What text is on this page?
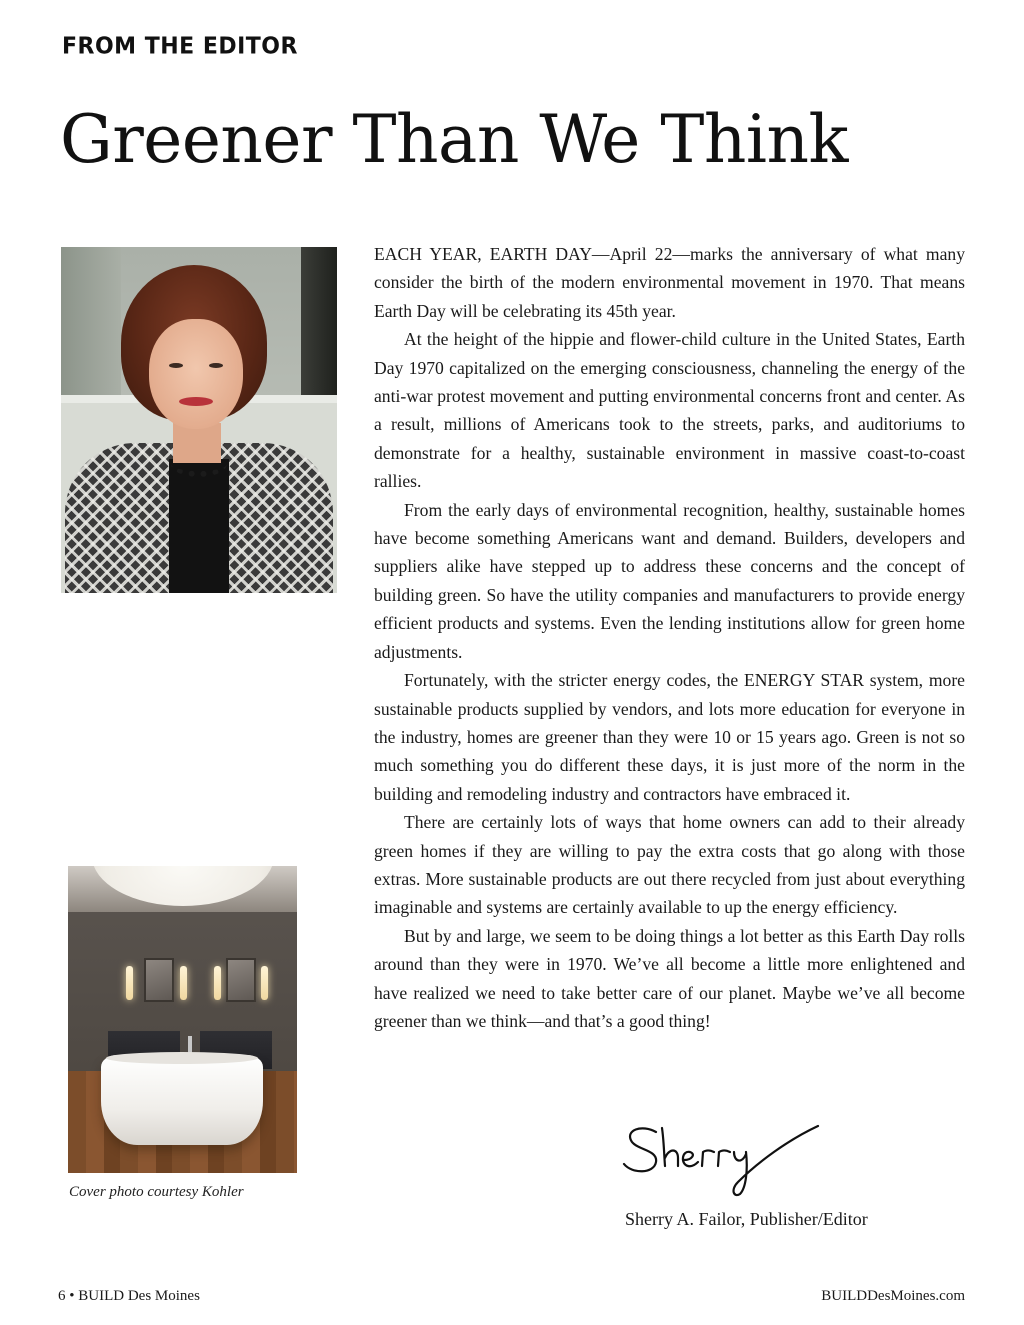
FROM THE EDITOR
Greener Than We Think

EACH YEAR, EARTH DAY—April 22—marks the anniversary of what many consider the birth of the modern environmental movement in 1970. That means Earth Day will be celebrating its 45th year.

At the height of the hippie and flower-child culture in the United States, Earth Day 1970 capitalized on the emerging consciousness, channeling the energy of the anti-war protest movement and putting environmental concerns front and center. As a result, millions of Americans took to the streets, parks, and auditoriums to demonstrate for a healthy, sustainable environment in massive coast-to-coast rallies.

From the early days of environmental recognition, healthy, sustainable homes have become something Americans want and demand. Builders, developers and suppliers alike have stepped up to address these concerns and the concept of building green. So have the utility companies and manufacturers to provide energy efficient products and systems. Even the lending institutions allow for green home adjustments.

Fortunately, with the stricter energy codes, the ENERGY STAR system, more sustainable products supplied by vendors, and lots more education for everyone in the industry, homes are greener than they were 10 or 15 years ago. Green is not so much something you do different these days, it is just more of the norm in the building and remodeling industry and contractors have embraced it.

There are certainly lots of ways that home owners can add to their already green homes if they are willing to pay the extra costs that go along with those extras. More sustainable products are out there recycled from just about everything imaginable and systems are certainly available to up the energy efficiency.

But by and large, we seem to be doing things a lot better as this Earth Day rolls around than they were in 1970. We’ve all become a little more enlightened and have realized we need to take better care of our planet. Maybe we’ve all become greener than we think—and that’s a good thing!

Cover photo courtesy Kohler

Sherry A. Failor, Publisher/Editor

6 • BUILD Des Moines	BUILDDesMoines.com
